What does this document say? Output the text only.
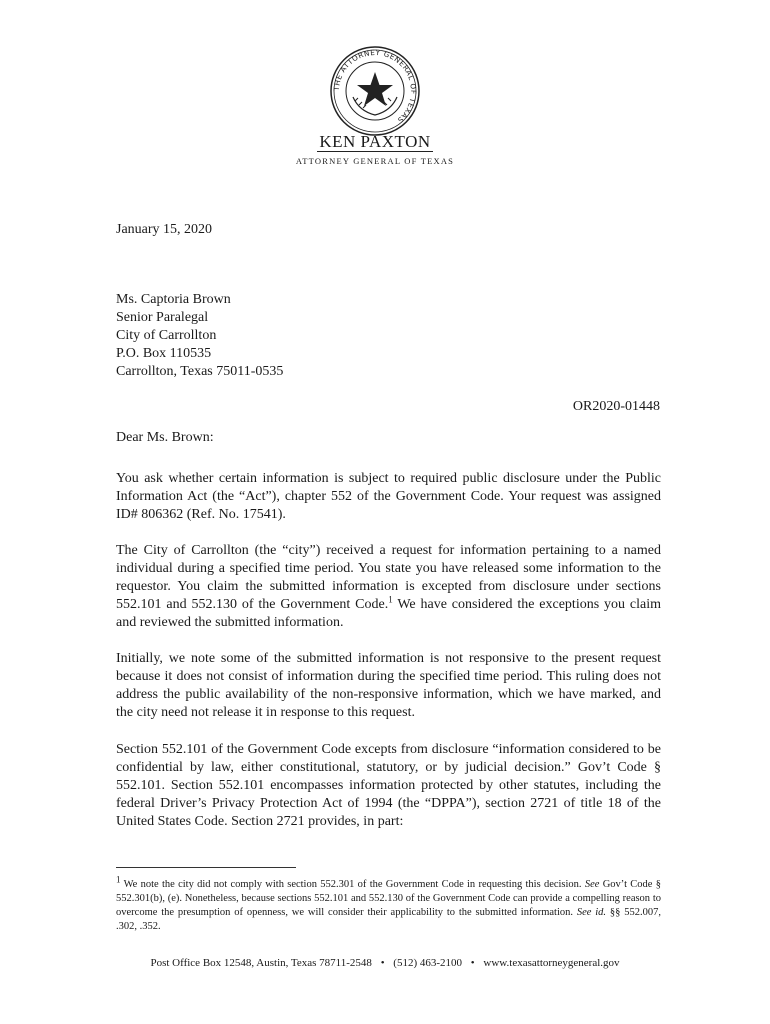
THE ATTORNEY GENERAL OF TEXAS
KEN PAXTON
ATTORNEY GENERAL OF TEXAS
January 15, 2020
Ms. Captoria Brown
Senior Paralegal
City of Carrollton
P.O. Box 110535
Carrollton, Texas 75011-0535
OR2020-01448
Dear Ms. Brown:

You ask whether certain information is subject to required public disclosure under the Public Information Act (the “Act”), chapter 552 of the Government Code. Your request was assigned ID# 806362 (Ref. No. 17541).

The City of Carrollton (the “city”) received a request for information pertaining to a named individual during a specified time period. You state you have released some information to the requestor. You claim the submitted information is excepted from disclosure under sections 552.101 and 552.130 of the Government Code.$^1$ We have considered the exceptions you claim and reviewed the submitted information.

Initially, we note some of the submitted information is not responsive to the present request because it does not consist of information during the specified time period. This ruling does not address the public availability of the non-responsive information, which we have marked, and the city need not release it in response to this request.

Section 552.101 of the Government Code excepts from disclosure “information considered to be confidential by law, either constitutional, statutory, or by judicial decision.” Gov’t Code § 552.101. Section 552.101 encompasses information protected by other statutes, including the federal Driver’s Privacy Protection Act of 1994 (the “DPPA”), section 2721 of title 18 of the United States Code. Section 2721 provides, in part:

$^1$ We note the city did not comply with section 552.301 of the Government Code in requesting this decision. See Gov’t Code § 552.301(b), (e). Nonetheless, because sections 552.101 and 552.130 of the Government Code can provide a compelling reason to overcome the presumption of openness, we will consider their applicability to the submitted information. See id. §§ 552.007, .302, .352.

Post Office Box 12548, Austin, Texas 78711-2548 • (512) 463-2100 • www.texasattorneygeneral.gov
